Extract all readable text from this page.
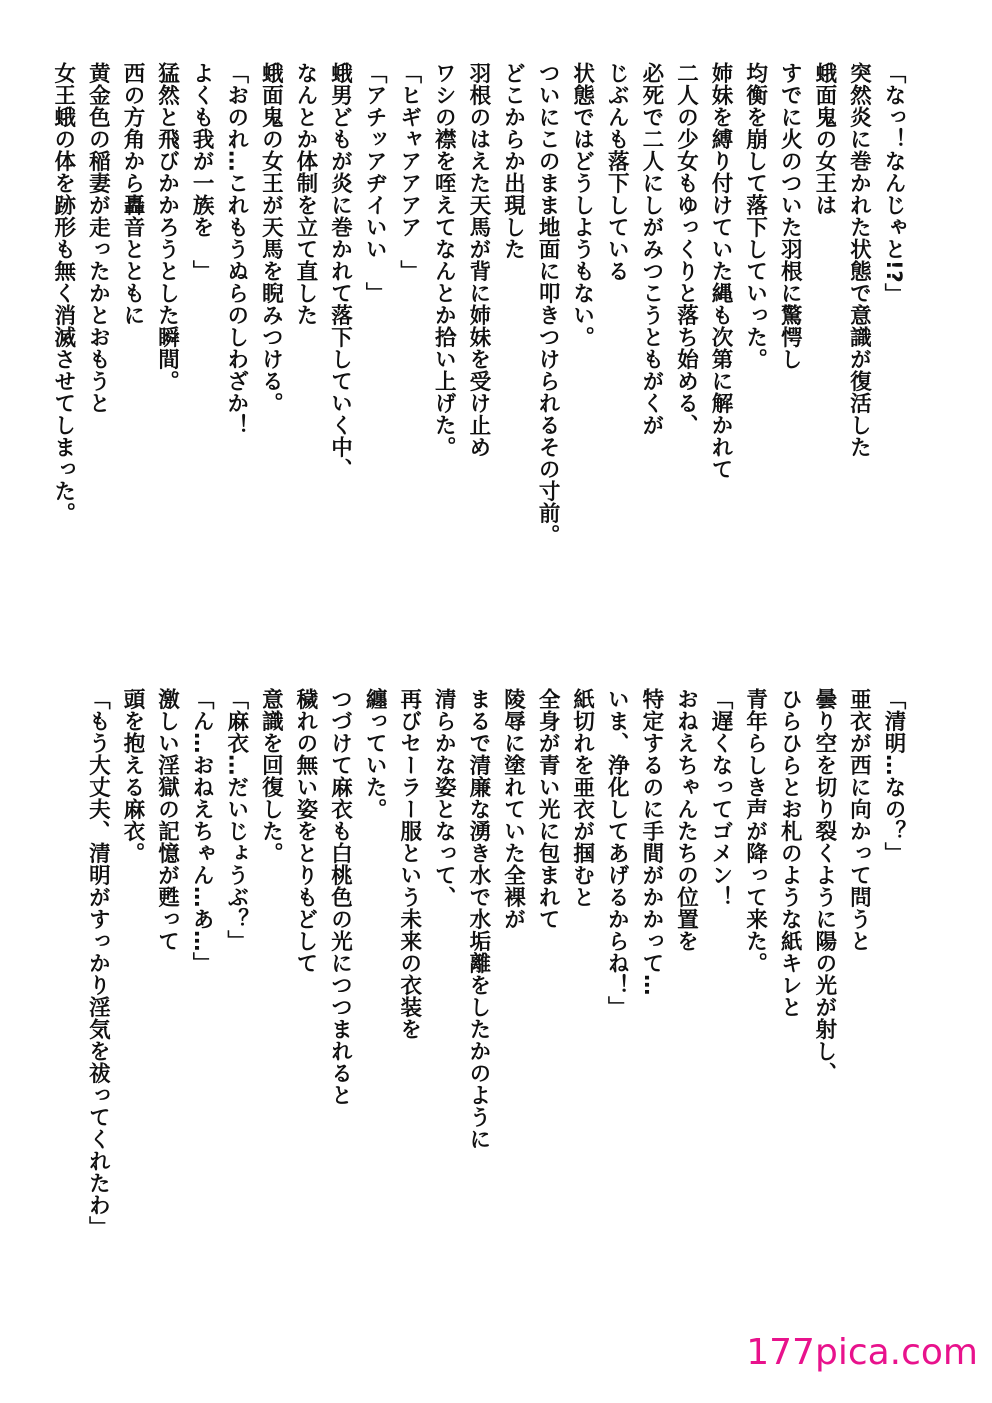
「なっ！なんじゃと!?」
突然炎に巻かれた状態で意識が復活した
蛾面鬼の女王は
すでに火のついた羽根に驚愕し
均衡を崩して落下していった。
姉妹を縛り付けていた縄も次第に解かれて
二人の少女もゆっくりと落ち始める、
必死で二人にしがみつこうともがくが
じぶんも落下している
状態ではどうしようもない。
ついにこのまま地面に叩きつけられるその寸前。
どこからか出現した
羽根のはえた天馬が背に姉妹を受け止め
ワシの襟を咥えてなんとか拾い上げた。
「ヒギャアアアア　」
「アチッアヂイいい　」
蛾男どもが炎に巻かれて落下していく中、
なんとか体制を立て直した
蛾面鬼の女王が天馬を睨みつける。
「おのれ…これもうぬらのしわざか！
よくも我が一族を　」
猛然と飛びかかろうとした瞬間。
西の方角から轟音とともに
黄金色の稲妻が走ったかとおもうと
女王蛾の体を跡形も無く消滅させてしまった。
「清明…なの？」
亜衣が西に向かって問うと
曇り空を切り裂くように陽の光が射し、
ひらひらとお札のような紙キレと
青年らしき声が降って来た。
「遅くなってゴメン！
おねえちゃんたちの位置を
特定するのに手間がかかって…
いま、浄化してあげるからね！」
紙切れを亜衣が掴むと
全身が青い光に包まれて
陵辱に塗れていた全裸が
まるで清廉な湧き水で水垢離をしたかのように
清らかな姿となって、
再びセーラー服という未来の衣装を
纏っていた。
つづけて麻衣も白桃色の光につつまれると
穢れの無い姿をとりもどして
意識を回復した。
「麻衣…だいじょうぶ？」
「ん…おねえちゃん…あ…」
激しい淫獄の記憶が甦って
頭を抱える麻衣。
「もう大丈夫、清明がすっかり淫気を祓ってくれたわ」
177pica.com
